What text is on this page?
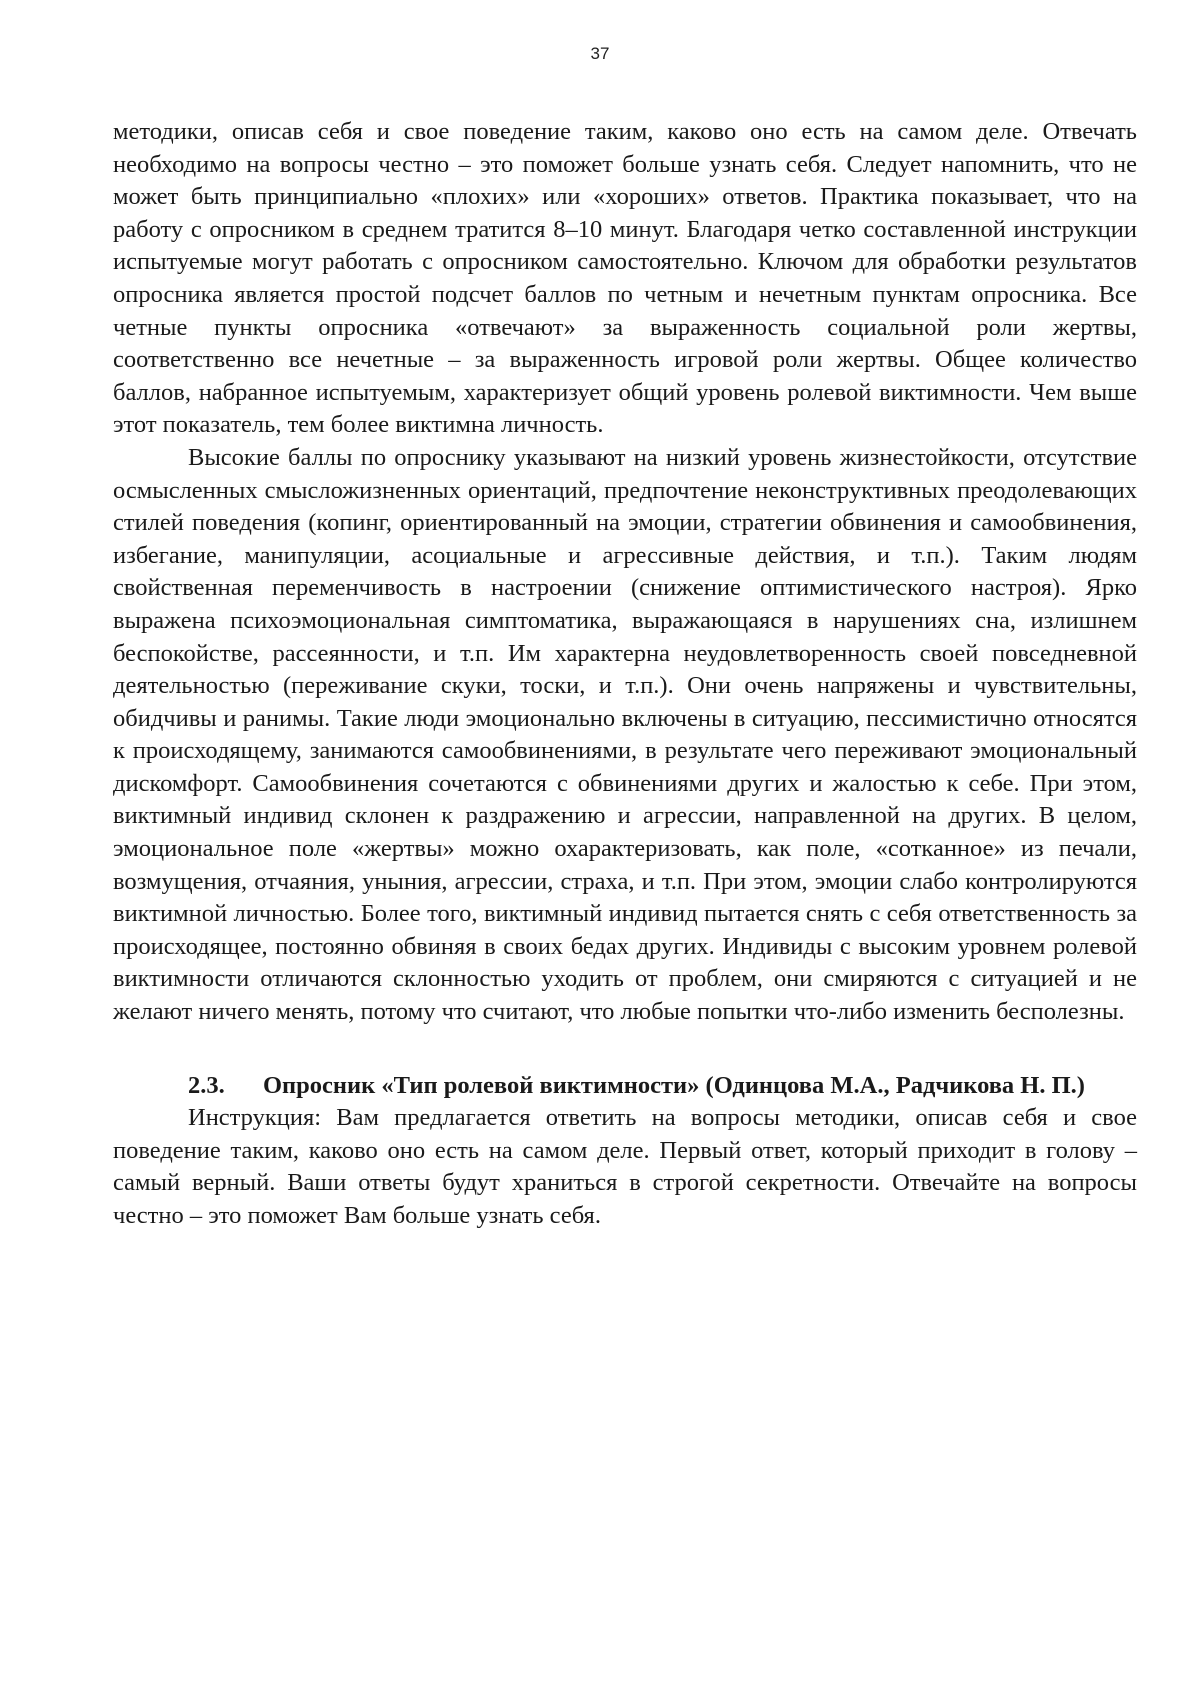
37

методики, описав себя и свое поведение таким, каково оно есть на самом деле. Отвечать необходимо на вопросы честно – это поможет больше узнать себя. Следует напомнить, что не может быть принципиально «плохих» или «хороших» ответов. Практика показывает, что на работу с опросником в среднем тратится 8–10 минут. Благодаря четко составленной инструкции испытуемые могут работать с опросником самостоятельно. Ключом для обработки результатов опросника является простой подсчет баллов по четным и нечетным пунктам опросника. Все четные пункты опросника «отвечают» за выраженность социальной роли жертвы, соответственно все нечетные – за выраженность игровой роли жертвы. Общее количество баллов, набранное испытуемым, характеризует общий уровень ролевой виктимности. Чем выше этот показатель, тем более виктимна личность.

Высокие баллы по опроснику указывают на низкий уровень жизнестойкости, отсутствие осмысленных смысложизненных ориентаций, предпочтение неконструктивных преодолевающих стилей поведения (копинг, ориентированный на эмоции, стратегии обвинения и самообвинения, избегание, манипуляции, асоциальные и агрессивные действия, и т.п.). Таким людям свойственная переменчивость в настроении (снижение оптимистического настроя). Ярко выражена психоэмоциональная симптоматика, выражающаяся в нарушениях сна, излишнем беспокойстве, рассеянности, и т.п. Им характерна неудовлетворенность своей повседневной деятельностью (переживание скуки, тоски, и т.п.). Они очень напряжены и чувствительны, обидчивы и ранимы. Такие люди эмоционально включены в ситуацию, пессимистично относятся к происходящему, занимаются самообвинениями, в результате чего переживают эмоциональный дискомфорт. Самообвинения сочетаются с обвинениями других и жалостью к себе. При этом, виктимный индивид склонен к раздражению и агрессии, направленной на других. В целом, эмоциональное поле «жертвы» можно охарактеризовать, как поле, «сотканное» из печали, возмущения, отчаяния, уныния, агрессии, страха, и т.п. При этом, эмоции слабо контролируются виктимной личностью. Более того, виктимный индивид пытается снять с себя ответственность за происходящее, постоянно обвиняя в своих бедах других. Индивиды с высоким уровнем ролевой виктимности отличаются склонностью уходить от проблем, они смиряются с ситуацией и не желают ничего менять, потому что считают, что любые попытки что-либо изменить бесполезны.

2.3. Опросник «Тип ролевой виктимности» (Одинцова М.А., Радчикова Н. П.)

Инструкция: Вам предлагается ответить на вопросы методики, описав себя и свое поведение таким, каково оно есть на самом деле. Первый ответ, который приходит в голову – самый верный. Ваши ответы будут храниться в строгой секретности. Отвечайте на вопросы честно – это поможет Вам больше узнать себя.
